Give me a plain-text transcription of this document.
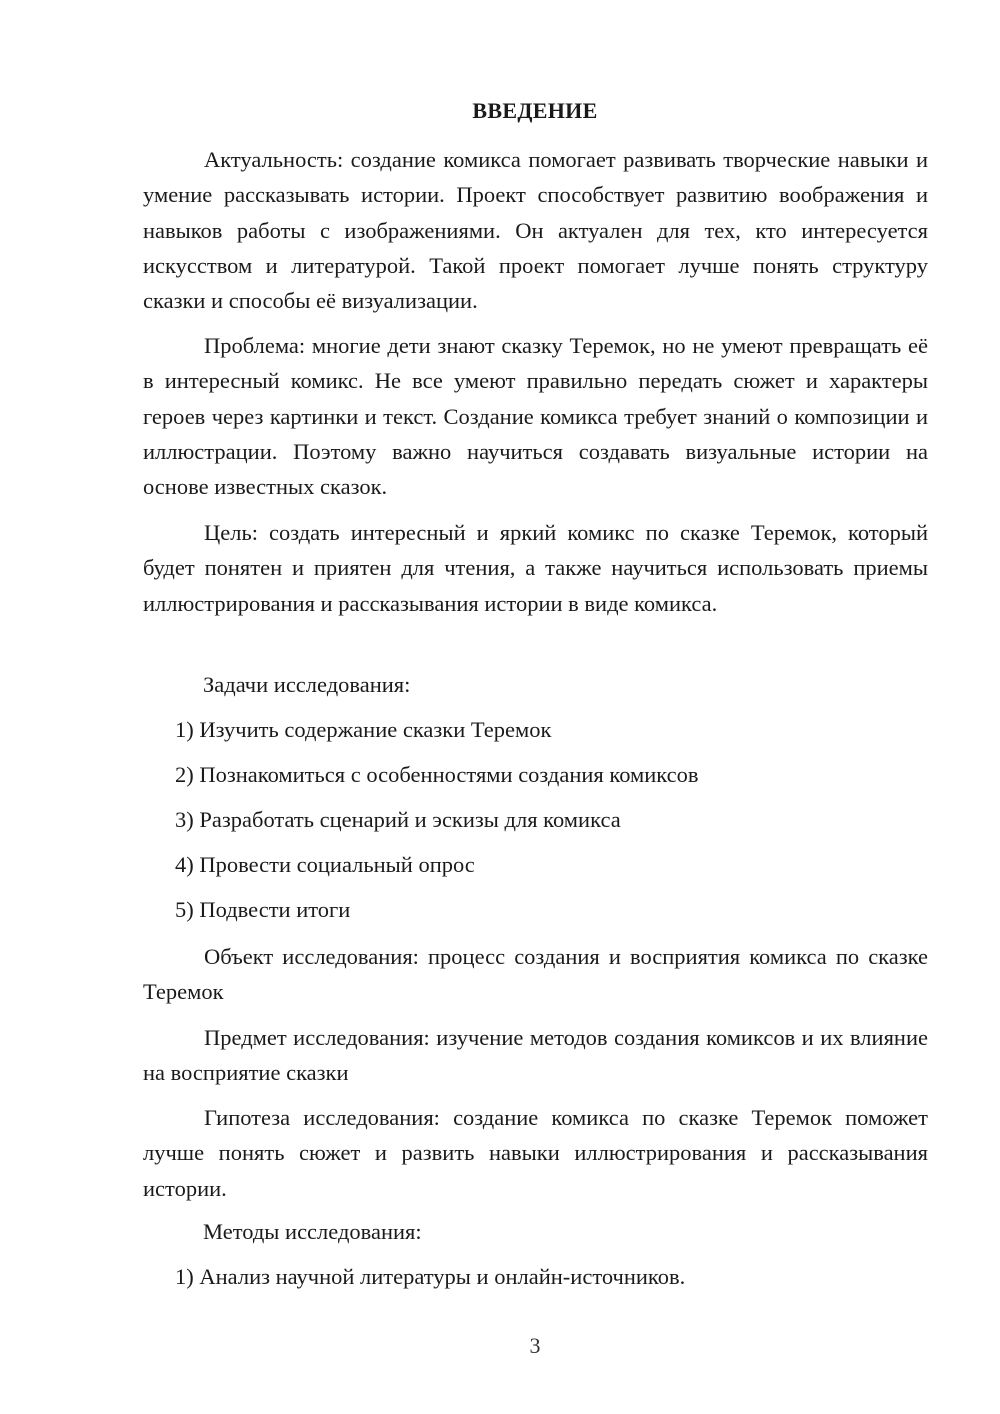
ВВЕДЕНИЕ

Актуальность: создание комикса помогает развивать творческие навыки и умение рассказывать истории. Проект способствует развитию воображения и навыков работы с изображениями. Он актуален для тех, кто интересуется искусством и литературой. Такой проект помогает лучше понять структуру сказки и способы её визуализации.

Проблема: многие дети знают сказку Теремок, но не умеют превращать её в интересный комикс. Не все умеют правильно передать сюжет и характеры героев через картинки и текст. Создание комикса требует знаний о композиции и иллюстрации. Поэтому важно научиться создавать визуальные истории на основе известных сказок.

Цель: создать интересный и яркий комикс по сказке Теремок, который будет понятен и приятен для чтения, а также научиться использовать приемы иллюстрирования и рассказывания истории в виде комикса.

Задачи исследования:

1) Изучить содержание сказки Теремок

2) Познакомиться с особенностями создания комиксов

3) Разработать сценарий и эскизы для комикса

4) Провести социальный опрос

5) Подвести итоги

Объект исследования: процесс создания и восприятия комикса по сказке Теремок

Предмет исследования: изучение методов создания комиксов и их влияние на восприятие сказки

Гипотеза исследования: создание комикса по сказке Теремок поможет лучше понять сюжет и развить навыки иллюстрирования и рассказывания истории.

Методы исследования:

1) Анализ научной литературы и онлайн-источников.

3
